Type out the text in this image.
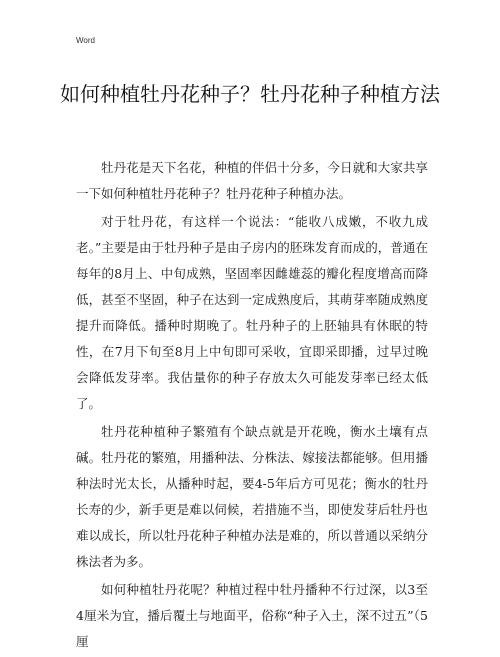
Word
如何种植牡丹花种子？牡丹花种子种植方法

牡丹花是天下名花，种植的伴侣十分多，今日就和大家共享一下如何种植牡丹花种子？牡丹花种子种植办法。

对于牡丹花，有这样一个说法：“能收八成嫩，不收九成老。”主要是由于牡丹种子是由子房内的胚珠发育而成的，普通在每年的8月上、中旬成熟，坚固率因雌雄蕊的瓣化程度增高而降低，甚至不坚固，种子在达到一定成熟度后，其萌芽率随成熟度提升而降低。播种时期晚了。牡丹种子的上胚轴具有休眠的特性，在7月下旬至8月上中旬即可采收，宜即采即播，过早过晚会降低发芽率。我估量你的种子存放太久可能发芽率已经太低了。

牡丹花种植种子繁殖有个缺点就是开花晚，衡水土壤有点碱。牡丹花的繁殖，用播种法、分株法、嫁接法都能够。但用播种法时光太长，从播种时起，要4-5年后方可见花；衡水的牡丹长寿的少，新手更是难以伺候，若措施不当，即使发芽后牡丹也难以成长，所以牡丹花种子种植办法是难的，所以普通以采纳分株法者为多。

如何种植牡丹花呢？种植过程中牡丹播种不行过深，以3至4厘米为宜，播后覆土与地面平，俗称“种子入土，深不过五”（5厘
